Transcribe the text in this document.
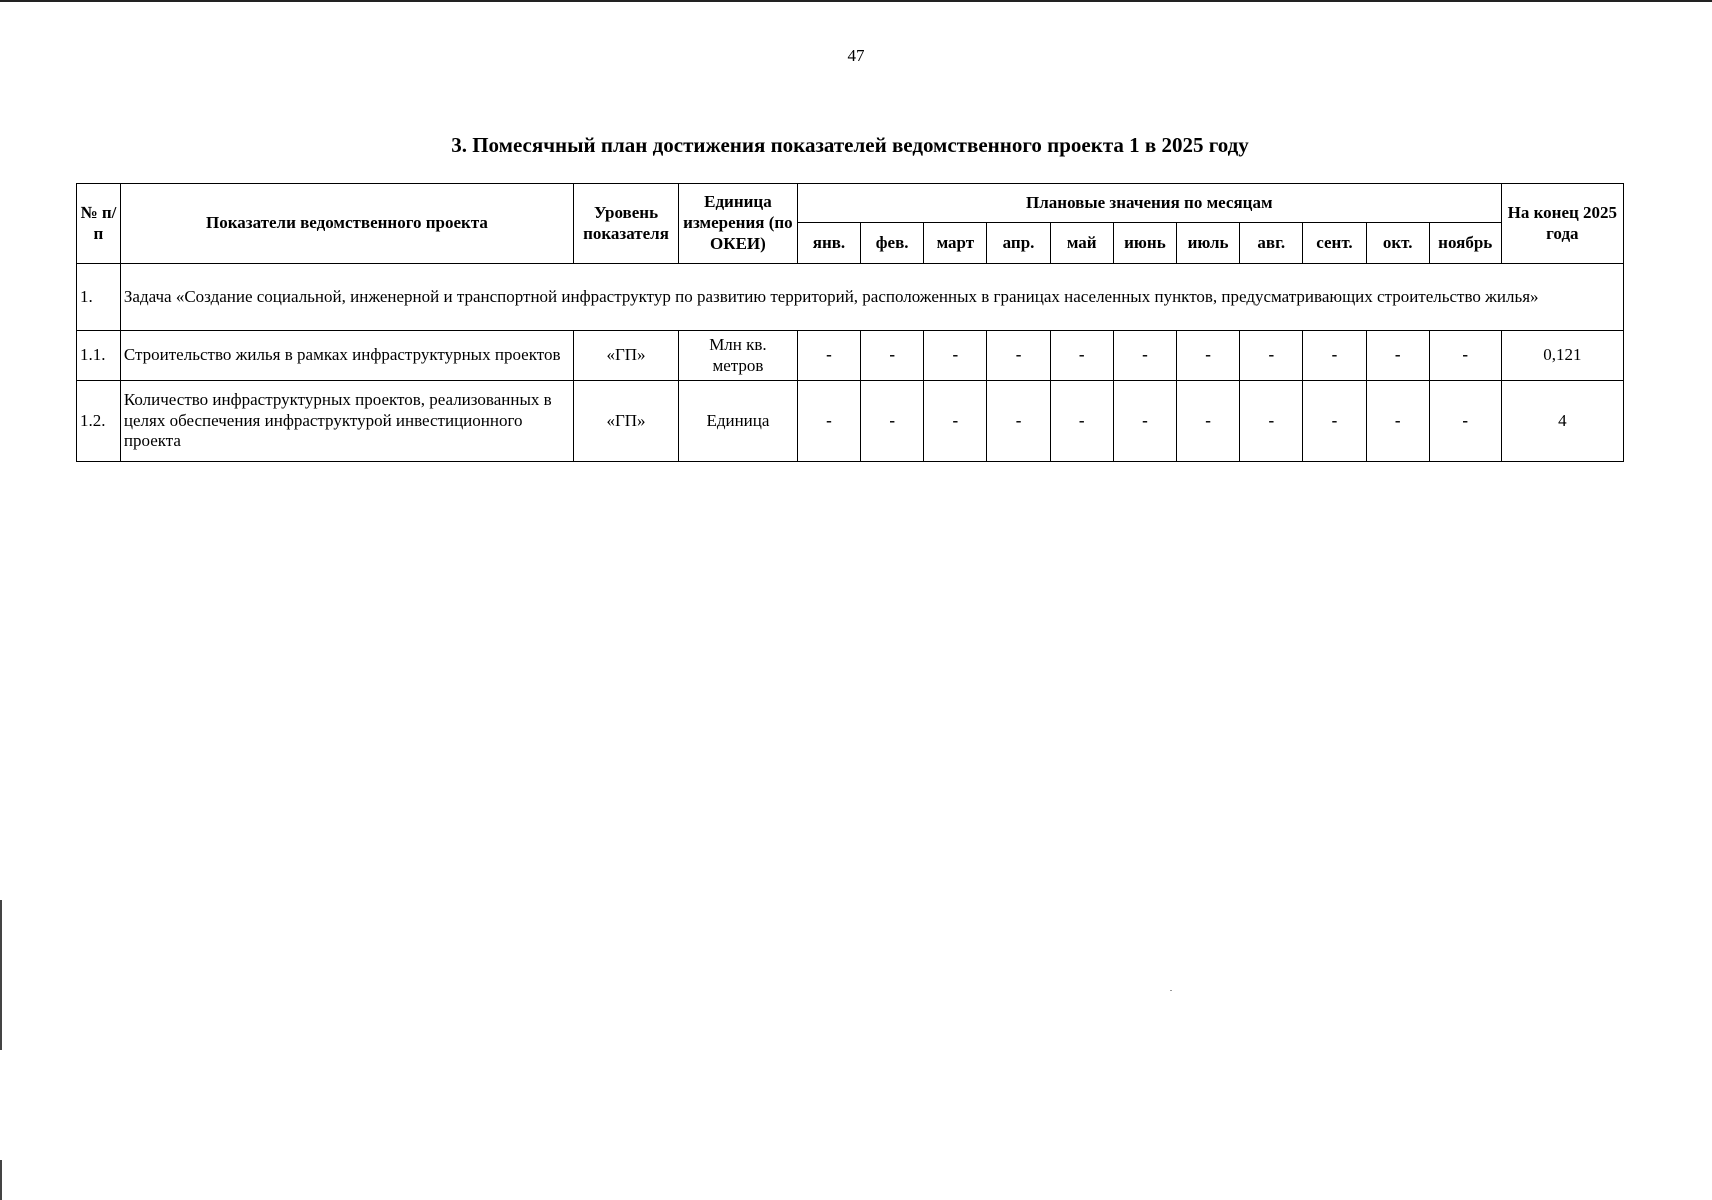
47
3. Помесячный план достижения показателей ведомственного проекта 1 в 2025 году
№ п/п	Показатели ведомственного проекта	Уровень показателя	Единица измерения (по ОКЕИ)	Плановые значения по месяцам											На конец 2025 года
				янв.	фев.	март	апр.	май	июнь	июль	авг.	сент.	окт.	ноябрь	
1.	Задача «Создание социальной, инженерной и транспортной инфраструктур по развитию территорий, расположенных в границах населенных пунктов, предусматривающих строительство жилья»														
1.1.	Строительство жилья в рамках инфраструктурных проектов	«ГП»	Млн кв. метров	-	-	-	-	-	-	-	-	-	-	-	0,121
1.2.	Количество инфраструктурных проектов, реализованных в целях обеспечения инфраструктурой инвестиционного проекта	«ГП»	Единица	-	-	-	-	-	-	-	-	-	-	-	4
